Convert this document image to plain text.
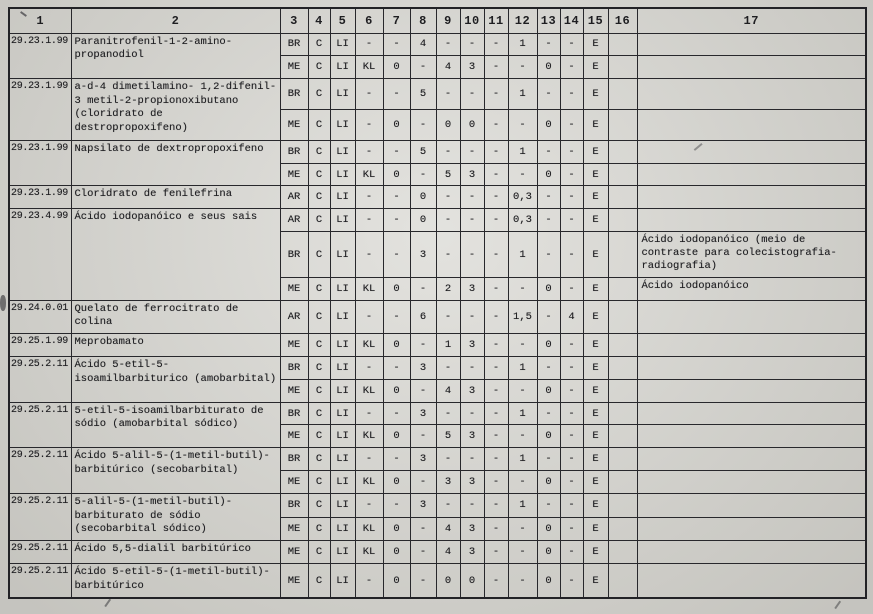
1	2	3	4	5	6	7	8	9	10	11	12	13	14	15	16	17
29.23.1.99	Paranitrofenil-1-2-amino-propanodiol	BR	C	LI	-	-	4	-	-	-	1	-	-	E		
		ME	C	LI	KL	0	-	4	3	-	-	0	-	E		
29.23.1.99	a-d-4 dimetilamino- 1,2-difenil-3 metil-2-propionoxibutano (cloridrato de destropropoxifeno)	BR	C	LI	-	-	5	-	-	-	1	-	-	E		
		ME	C	LI	-	0	-	0	0	-	-	0	-	E		
29.23.1.99	Napsilato de dextropropoxifeno	BR	C	LI	-	-	5	-	-	-	1	-	-	E		
		ME	C	LI	KL	0	-	5	3	-	-	0	-	E		
29.23.1.99	Cloridrato de fenilefrina	AR	C	LI	-	-	0	-	-	-	0,3	-	-	E		
29.23.4.99	Ácido iodopanóico e seus sais	AR	C	LI	-	-	0	-	-	-	0,3	-	-	E		
		BR	C	LI	-	-	3	-	-	-	1	-	-	E		Ácido iodopanóico (meio de contraste para colecistografia-radiografia)
		ME	C	LI	KL	0	-	2	3	-	-	0	-	E		Ácido iodopanóico
29.24.0.01	Quelato de ferrocitrato de colina	AR	C	LI	-	-	6	-	-	-	1,5	-	4	E		
29.25.1.99	Meprobamato	ME	C	LI	KL	0	-	1	3	-	-	0	-	E		
29.25.2.11	Ácido 5-etil-5-isoamilbarbiturico (amobarbital)	BR	C	LI	-	-	3	-	-	-	1	-	-	E		
		ME	C	LI	KL	0	-	4	3	-	-	0	-	E		
29.25.2.11	5-etil-5-isoamilbarbiturato de sódio (amobarbital sódico)	BR	C	LI	-	-	3	-	-	-	1	-	-	E		
		ME	C	LI	KL	0	-	5	3	-	-	0	-	E		
29.25.2.11	Ácido 5-alil-5-(1-metil-butil)-barbitúrico (secobarbital)	BR	C	LI	-	-	3	-	-	-	1	-	-	E		
		ME	C	LI	KL	0	-	3	3	-	-	0	-	E		
29.25.2.11	5-alil-5-(1-metil-butil)-barbiturato de sódio (secobarbital sódico)	BR	C	LI	-	-	3	-	-	-	1	-	-	E		
		ME	C	LI	KL	0	-	4	3	-	-	0	-	E		
29.25.2.11	Ácido 5,5-dialil barbitúrico	ME	C	LI	KL	0	-	4	3	-	-	0	-	E		
29.25.2.11	Ácido 5-etil-5-(1-metil-butil)-barbitúrico	ME	C	LI	-	0	-	0	0	-	-	0	-	E		
